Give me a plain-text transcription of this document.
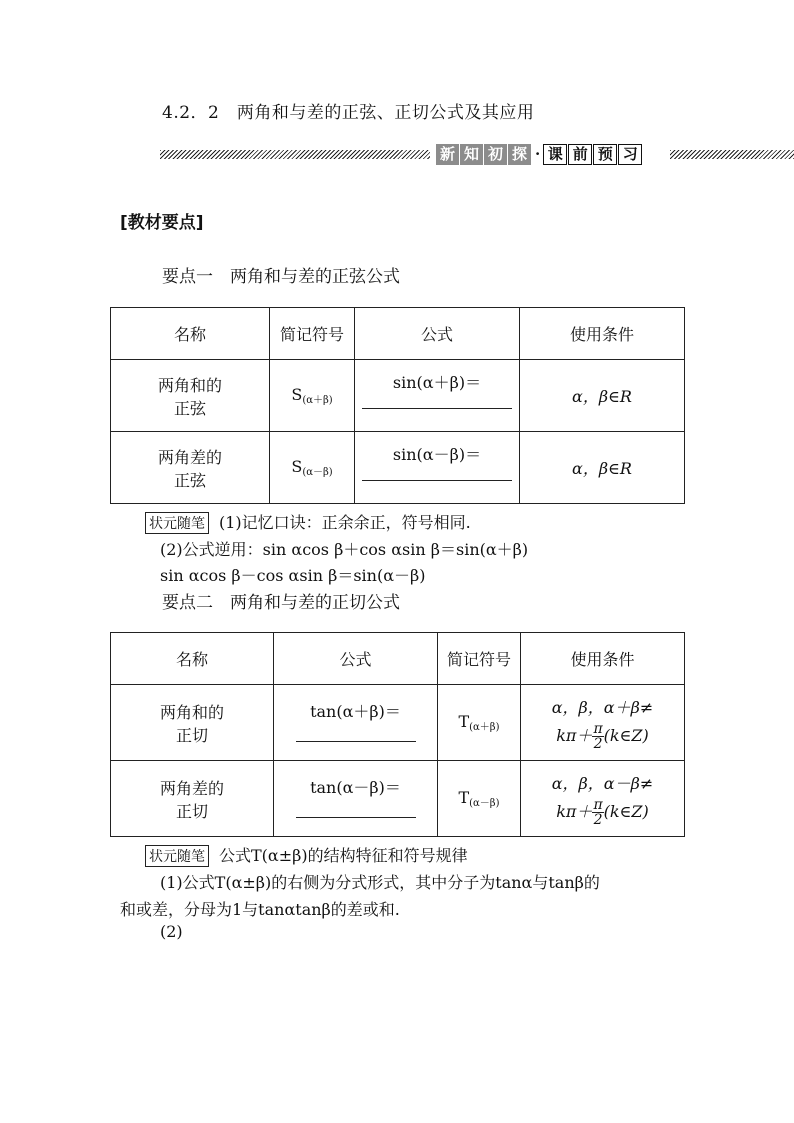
4.2．2　两角和与差的正弦、正切公式及其应用
新 知 初 探 · 课 前 预 习
[教材要点]
要点一　两角和与差的正弦公式
名称	简记符号	公式	使用条件

两角和的正弦	$S_{(\alpha+\beta)}$	sin(α＋β)＝	α，β∈R

两角差的正弦	$S_{(\alpha-\beta)}$	sin(α－β)＝	α，β∈R
状元随笔 (1)记忆口诀：正余余正，符号相同.
(2)公式逆用：sin αcos β＋cos αsin β＝sin(α＋β)
sin αcos β－cos αsin β＝sin(α－β)
要点二　两角和与差的正切公式
名称	公式	简记符号	使用条件

两角和的正切	tan(α＋β)＝	$T_{(\alpha+\beta)}$	α，β，α＋β≠
$k\pi+ \frac{\pi}{2}$ (k∈Z)

两角差的正切	tan(α－β)＝	$T_{(\alpha-\beta)}$	α，β，α－β≠
$k\pi+ \frac{\pi}{2}$ (k∈Z)
状元随笔 公式T(α±β)的结构特征和符号规律
(1)公式T(α±β)的右侧为分式形式，其中分子为tanα与tanβ的
和或差，分母为1与tanαtanβ的差或和.
(2)
